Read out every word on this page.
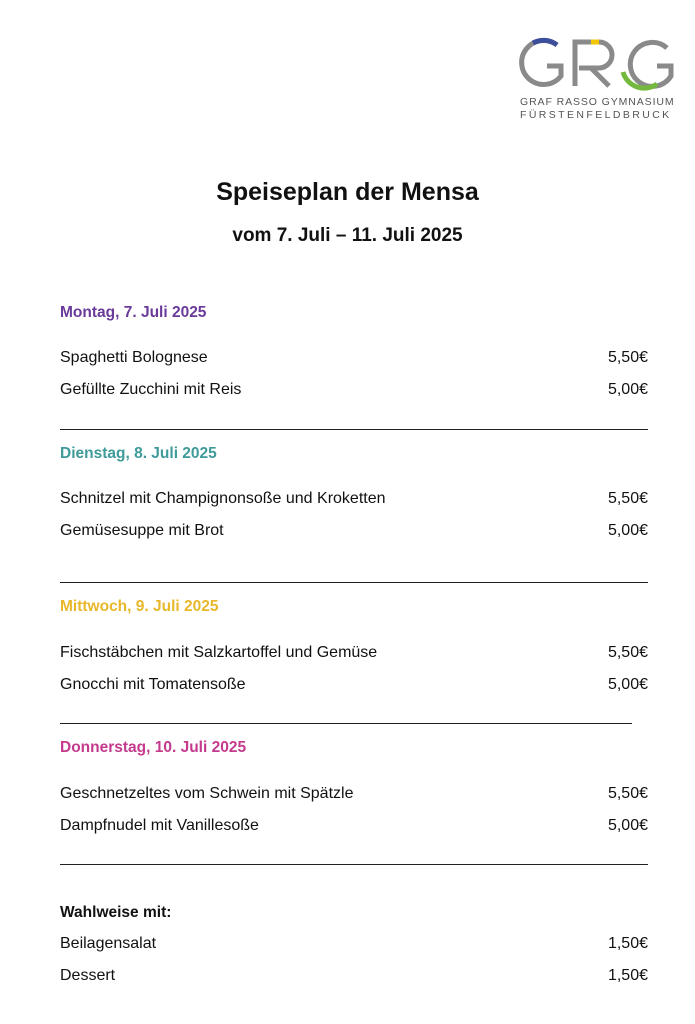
GRAF RASSO GYMNASIUM
FÜRSTENFELDBRUCK
Speiseplan der Mensa
vom 7. Juli – 11. Juli 2025
Montag, 7. Juli 2025
Spaghetti Bolognese	5,50€
Gefüllte Zucchini mit Reis	5,00€
Dienstag, 8. Juli 2025
Schnitzel mit Champignonsoße und Kroketten	5,50€
Gemüsesuppe mit Brot	5,00€
Mittwoch, 9. Juli 2025
Fischstäbchen mit Salzkartoffel und Gemüse	5,50€
Gnocchi mit Tomatensoße	5,00€
Donnerstag, 10. Juli 2025
Geschnetzeltes vom Schwein mit Spätzle	5,50€
Dampfnudel mit Vanillesoße	5,00€
Wahlweise mit:
Beilagensalat	1,50€
Dessert	1,50€
